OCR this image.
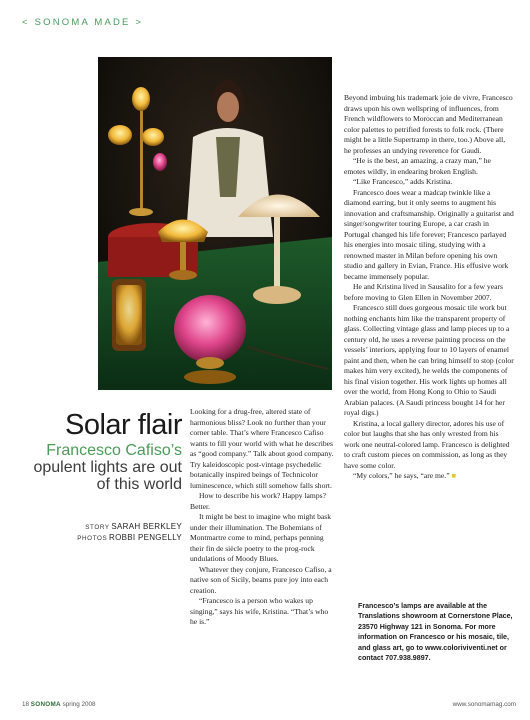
< SONOMA MADE >
Solar flair
Francesco Cafiso’s
opulent lights are out of this world
STORY SARAH BERKLEY
PHOTOS ROBBI PENGELLY

Looking for a drug-free, altered state of harmonious bliss? Look no further than your corner table. That’s where Francesco Cafiso wants to fill your world with what he describes as “good company.” Talk about good company. Try kaleidoscopic post-vintage psychedelic botanically inspired beings of Technicolor luminescence, which still somehow falls short.

How to describe his work? Happy lamps? Better.

It might be best to imagine who might bask under their illumination. The Bohemians of Montmartre come to mind, perhaps penning their fin de siècle poetry to the prog-rock undulations of Moody Blues.

Whatever they conjure, Francesco Cafiso, a native son of Sicily, beams pure joy into each creation.

“Francesco is a person who wakes up singing,” says his wife, Kristina. “That’s who he is.”

Beyond imbuing his trademark joie de vivre, Francesco draws upon his own wellspring of influences, from French wildflowers to Moroccan and Mediterranean color palettes to petrified forests to folk rock. (There might be a little Supertramp in there, too.) Above all, he professes an undying reverence for Gaudi.

“He is the best, an amazing, a crazy man,” he emotes wildly, in endearing broken English.

“Like Francesco,” adds Kristina.

Francesco does wear a madcap twinkle like a diamond earring, but it only seems to augment his innovation and craftsmanship. Originally a guitarist and singer/songwriter touring Europe, a car crash in Portugal changed his life forever; Francesco parlayed his energies into mosaic tiling, studying with a renowned master in Milan before opening his own studio and gallery in Evian, France. His effusive work became immensely popular.

He and Kristina lived in Sausalito for a few years before moving to Glen Ellen in November 2007.

Francesco still does gorgeous mosaic tile work but nothing enchants him like the transparent property of glass. Collecting vintage glass and lamp pieces up to a century old, he uses a reverse painting process on the vessels’ interiors, applying four to 10 layers of enamel paint and then, when he can bring himself to stop (color makes him very excited), he welds the components of his final vision together. His work lights up homes all over the world, from Hong Kong to Ohio to Saudi Arabian palaces. (A Saudi princess bought 14 for her royal digs.)

Kristina, a local gallery director, adores his use of color but laughs that she has only wrested from his work one neutral-colored lamp. Francesco is delighted to craft custom pieces on commission, as long as they have some color.

“My colors,” he says, “are me.” ■

Francesco’s lamps are available at the Translations showroom at Cornerstone Place, 23570 Highway 121 in Sonoma. For more information on Francesco or his mosaic, tile, and glass art, go to www.coloriviventi.net or contact 707.938.9897.
18 SONOMA spring 2008	www.sonomamag.com
